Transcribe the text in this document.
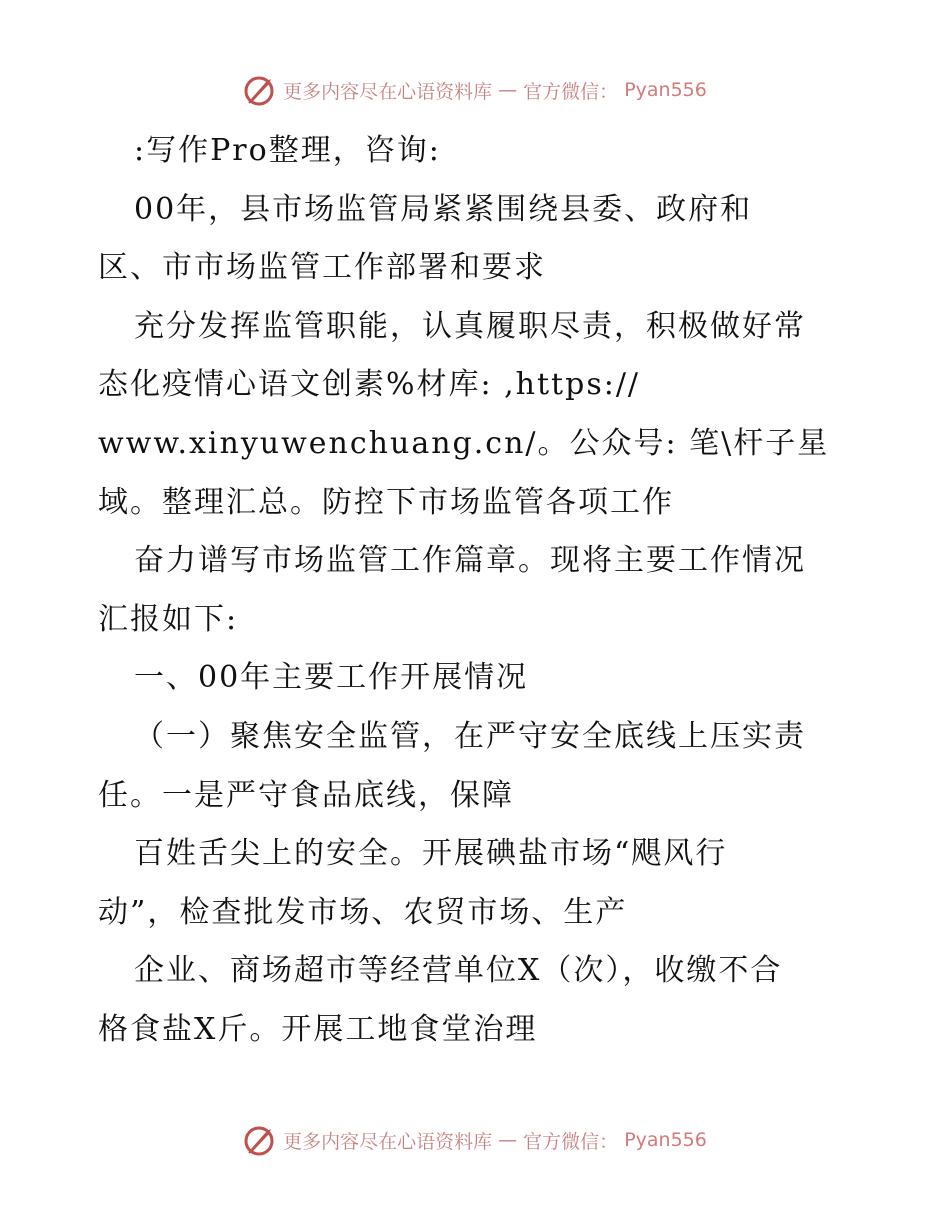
更多内容尽在心语资料库 — 官方微信： Pyan556
:写作Pro整理，咨询:
00年，县市场监管局紧紧围绕县委、政府和
区、市市场监管工作部署和要求
充分发挥监管职能，认真履职尽责，积极做好常
态化疫情心语文创素%材库: ,https://
www.xinyuwenchuang.cn/。公众号: 笔\杆子星
域。整理汇总。防控下市场监管各项工作
奋力谱写市场监管工作篇章。现将主要工作情况
汇报如下:
一、00年主要工作开展情况
（一）聚焦安全监管，在严守安全底线上压实责
任。一是严守食品底线，保障
百姓舌尖上的安全。开展碘盐市场“飓风行
动”，检查批发市场、农贸市场、生产
企业、商场超市等经营单位X（次），收缴不合
格食盐X斤。开展工地食堂治理
更多内容尽在心语资料库 — 官方微信： Pyan556
